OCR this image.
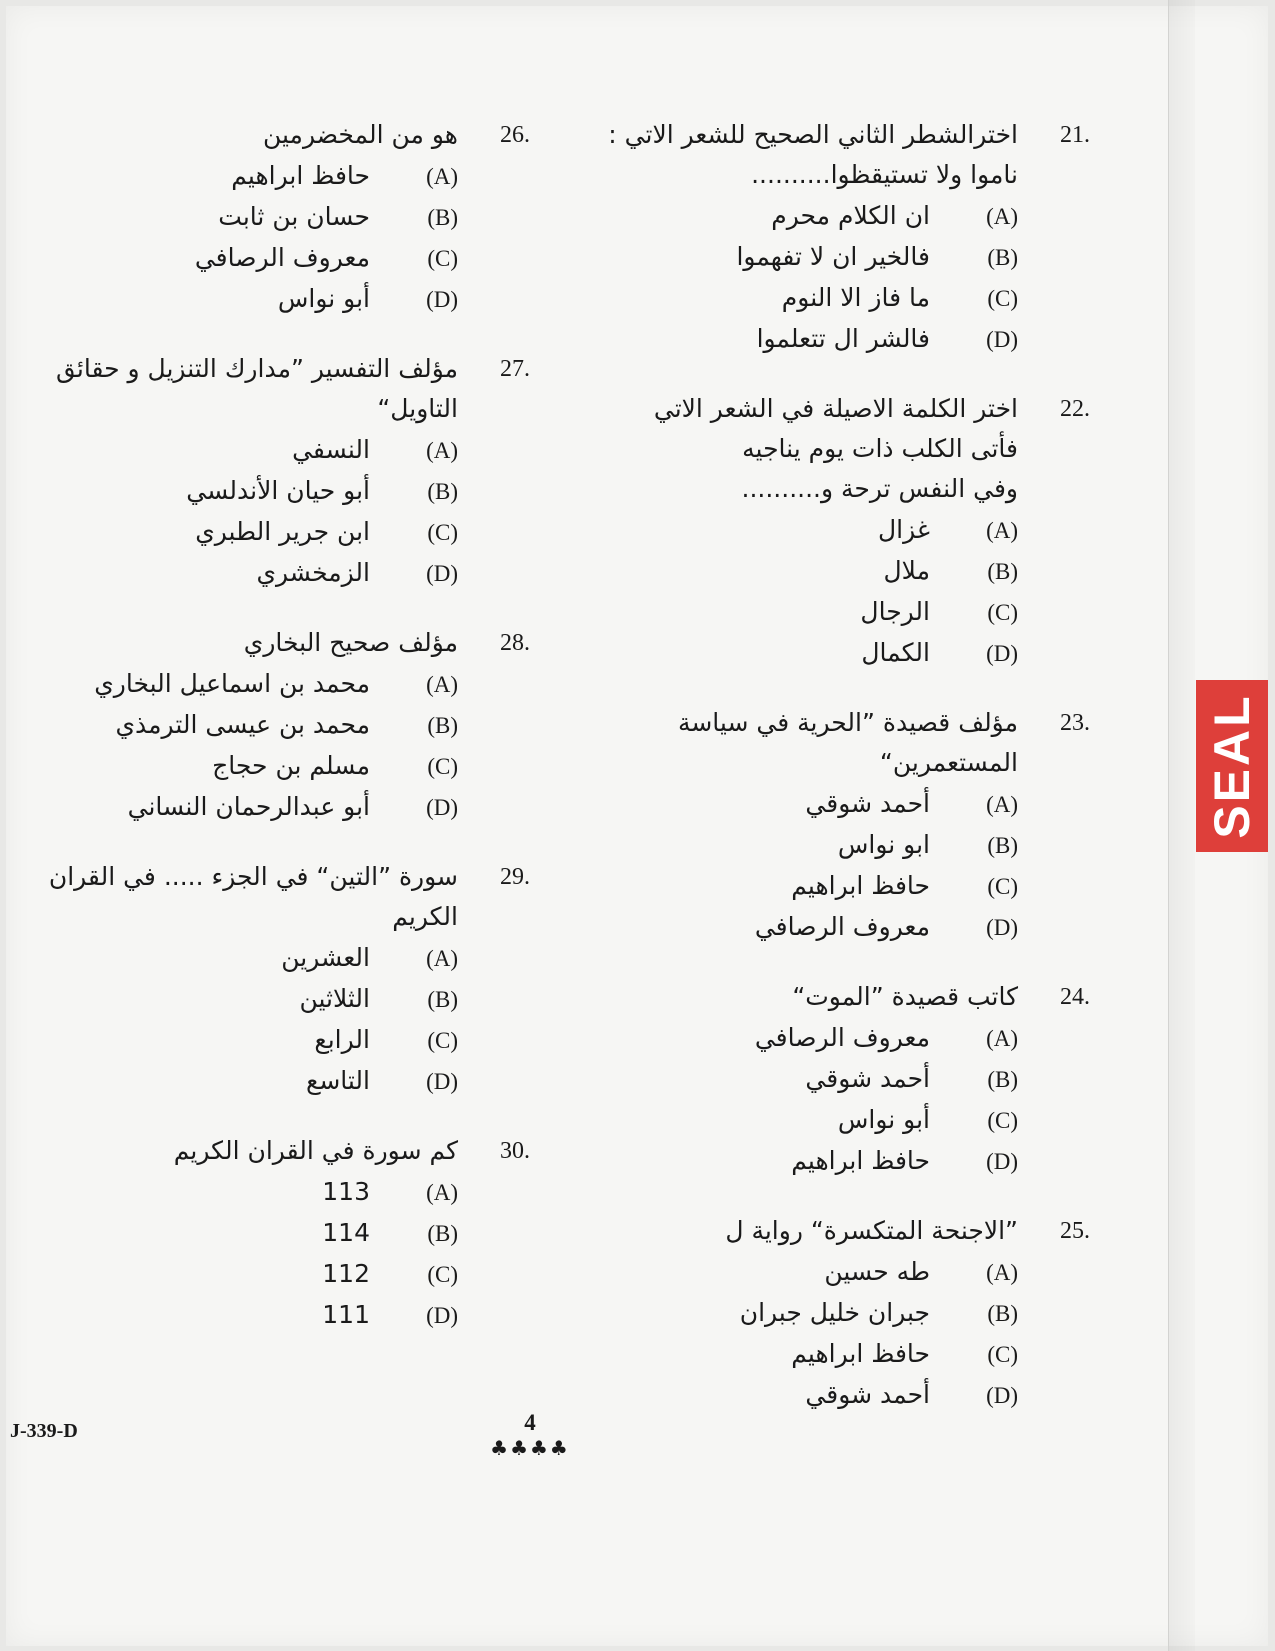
21.
اخترالشطر الثاني الصحيح للشعر الاتي :
ناموا ولا تستيقظوا..........
(A)
ان الكلام محرم
(B)
فالخير ان لا تفهموا
(C)
ما فاز الا النوم
(D)
فالشر ال تتعلموا
22.
اختر الكلمة الاصيلة في الشعر الاتي
فأتى الكلب ذات يوم يناجيه
وفي النفس ترحة و..........
(A)
غزال
(B)
ملال
(C)
الرجال
(D)
الكمال
23.
مؤلف قصيدة ”الحرية في سياسة المستعمرين“
(A)
أحمد شوقي
(B)
ابو نواس
(C)
حافظ ابراهيم
(D)
معروف الرصافي
24.
كاتب قصيدة ”الموت“
(A)
معروف الرصافي
(B)
أحمد شوقي
(C)
أبو نواس
(D)
حافظ ابراهيم
25.
”الاجنحة المتكسرة“ رواية ل
(A)
طه حسين
(B)
جبران خليل جبران
(C)
حافظ ابراهيم
(D)
أحمد شوقي
26.
هو من المخضرمين
(A)
حافظ ابراهيم
(B)
حسان بن ثابت
(C)
معروف الرصافي
(D)
أبو نواس
27.
مؤلف التفسير ”مدارك التنزيل و حقائق
التاويل“
(A)
النسفي
(B)
أبو حيان الأندلسي
(C)
ابن جرير الطبري
(D)
الزمخشري
28.
مؤلف صحيح البخاري
(A)
محمد بن اسماعيل البخاري
(B)
محمد بن عيسى الترمذي
(C)
مسلم بن حجاج
(D)
أبو عبدالرحمان النساني
29.
سورة ”التين“ في الجزء ..... في القران الكريم
(A)
العشرين
(B)
الثلاثين
(C)
الرابع
(D)
التاسع
30.
كم سورة في القران الكريم
(A)
113
(B)
114
(C)
112
(D)
111
SEAL
J-339-D	4
♣♣♣♣
